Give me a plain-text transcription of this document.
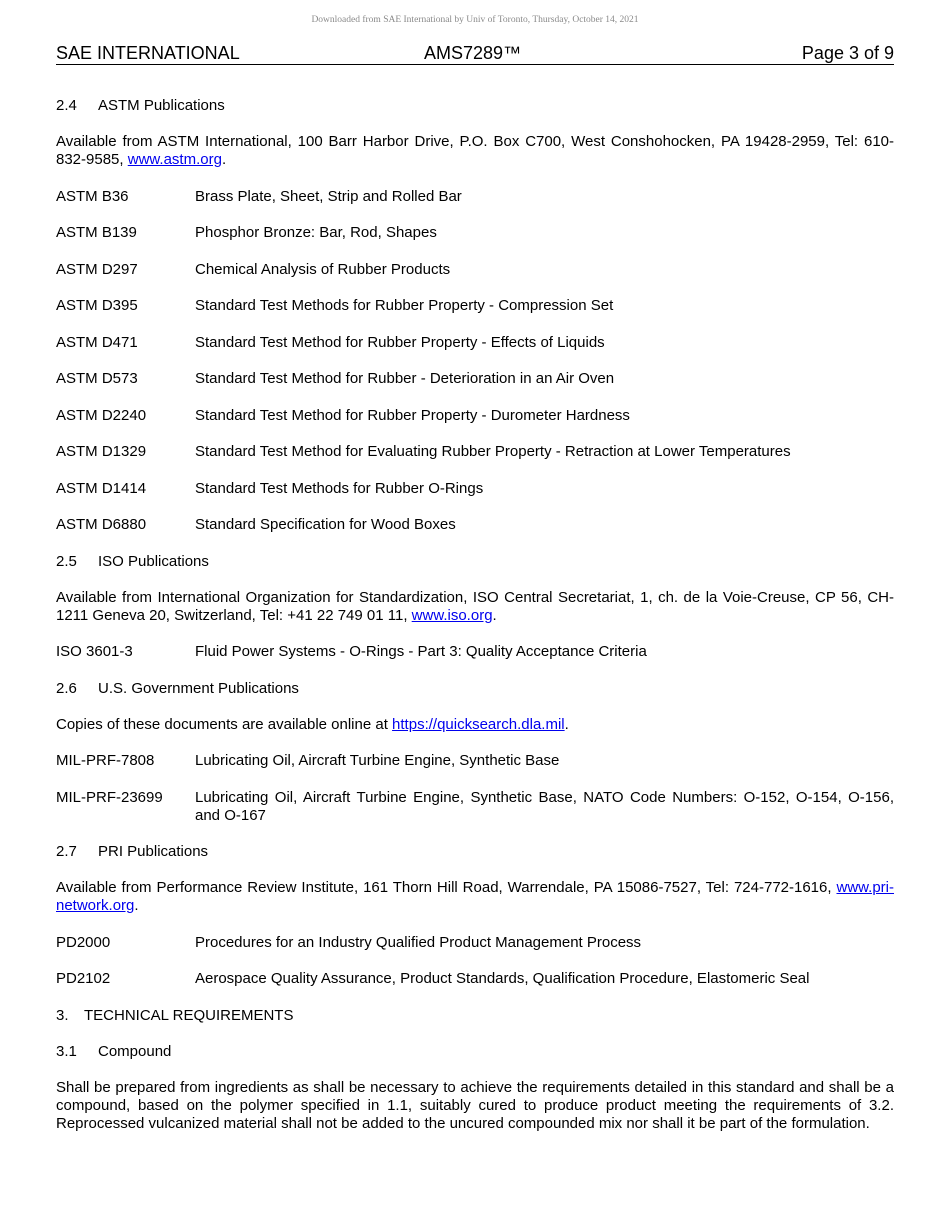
Downloaded from SAE International by Univ of Toronto, Thursday, October 14, 2021
SAE INTERNATIONAL	AMS7289™	Page 3 of 9
2.4	ASTM Publications
Available from ASTM International, 100 Barr Harbor Drive, P.O. Box C700, West Conshohocken, PA 19428-2959, Tel: 610-832-9585, www.astm.org.
ASTM B36	Brass Plate, Sheet, Strip and Rolled Bar
ASTM B139	Phosphor Bronze: Bar, Rod, Shapes
ASTM D297	Chemical Analysis of Rubber Products
ASTM D395	Standard Test Methods for Rubber Property - Compression Set
ASTM D471	Standard Test Method for Rubber Property - Effects of Liquids
ASTM D573	Standard Test Method for Rubber - Deterioration in an Air Oven
ASTM D2240	Standard Test Method for Rubber Property - Durometer Hardness
ASTM D1329	Standard Test Method for Evaluating Rubber Property - Retraction at Lower Temperatures
ASTM D1414	Standard Test Methods for Rubber O-Rings
ASTM D6880	Standard Specification for Wood Boxes
2.5	ISO Publications
Available from International Organization for Standardization, ISO Central Secretariat, 1, ch. de la Voie-Creuse, CP 56, CH-1211 Geneva 20, Switzerland, Tel: +41 22 749 01 11, www.iso.org.
ISO 3601-3	Fluid Power Systems - O-Rings - Part 3: Quality Acceptance Criteria
2.6	U.S. Government Publications
Copies of these documents are available online at https://quicksearch.dla.mil.
MIL-PRF-7808	Lubricating Oil, Aircraft Turbine Engine, Synthetic Base
MIL-PRF-23699	Lubricating Oil, Aircraft Turbine Engine, Synthetic Base, NATO Code Numbers: O-152, O-154, O-156, and O-167
2.7	PRI Publications
Available from Performance Review Institute, 161 Thorn Hill Road, Warrendale, PA 15086-7527, Tel: 724-772-1616, www.pri-network.org.
PD2000	Procedures for an Industry Qualified Product Management Process
PD2102	Aerospace Quality Assurance, Product Standards, Qualification Procedure, Elastomeric Seal
3.	TECHNICAL REQUIREMENTS
3.1	Compound
Shall be prepared from ingredients as shall be necessary to achieve the requirements detailed in this standard and shall be a compound, based on the polymer specified in 1.1, suitably cured to produce product meeting the requirements of 3.2. Reprocessed vulcanized material shall not be added to the uncured compounded mix nor shall it be part of the formulation.
